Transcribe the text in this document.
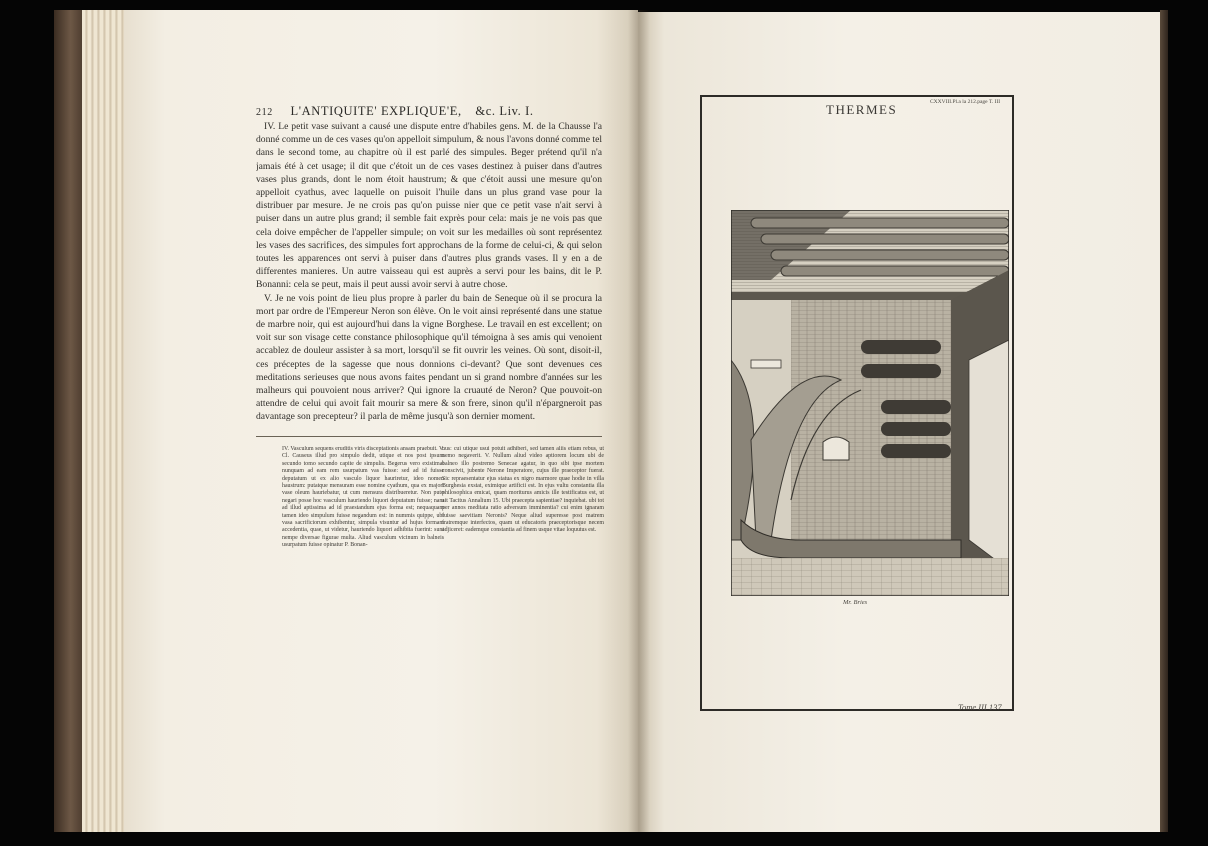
212 L'ANTIQUITE' EXPLIQUE'E, &c. Liv. I.

IV. Le petit vase suivant a causé une dispute entre d'habiles gens. M. de la Chausse l'a donné comme un de ces vases qu'on appelloit simpulum, & nous l'avons donné comme tel dans le second tome, au chapitre où il est parlé des simpules. Beger prétend qu'il n'a jamais été à cet usage; il dit que c'étoit un de ces vases destinez à puiser dans d'autres vases plus grands, dont le nom étoit haustrum; & que c'étoit aussi une mesure qu'on appelloit cyathus, avec laquelle on puisoit l'huile dans un plus grand vase pour la distribuer par mesure. Je ne crois pas qu'on puisse nier que ce petit vase n'ait servi à puiser dans un autre plus grand; il semble fait exprès pour cela: mais je ne vois pas que cela doive empêcher de l'appeller simpule; on voit sur les medailles où sont représentez les vases des sacrifices, des simpules fort approchans de la forme de celui-ci, & qui selon toutes les apparences ont servi à puiser dans d'autres plus grands vases. Il y en a de differentes manieres. Un autre vaisseau qui est auprès a servi pour les bains, dit le P. Bonanni: cela se peut, mais il peut aussi avoir servi à autre chose.

V. Je ne vois point de lieu plus propre à parler du bain de Seneque où il se procura la mort par ordre de l'Empereur Neron son élève. On le voit ainsi représenté dans une statue de marbre noir, qui est aujourd'hui dans la vigne Borghese. Le travail en est excellent; on voit sur son visage cette constance philosophique qu'il témoigna à ses amis qui venoient accablez de douleur assister à sa mort, lorsqu'il se fit ouvrir les veines. Où sont, disoit-il, ces préceptes de la sagesse que nous donnions ci-devant? Que sont devenues ces meditations serieuses que nous avons faites pendant un si grand nombre d'années sur les malheurs qui pouvoient nous arriver? Qui ignore la cruauté de Neron? Que pouvoit-on attendre de celui qui avoit fait mourir sa mere & son frere, sinon qu'il n'épargneroit pas davantage son precepteur? il parla de même jusqu'à son dernier moment.

IV. Vasculum sequens eruditis viris disceptationis ansam praebuit. V. Cl. Causeus illud pro simpulo dedit, utique et nos post ipsum secundo tomo secundo capite de simpulis. Begerus vero existimat nunquam ad eam rem usurpatum vas fuisse: sed ad id fuisse deputatum ut ex alio vasculo liquor hauriretur, ideo nomen haustrum: putatque mensuram esse nomine cyathum, qua ex majori vase oleum hauriebatur, ut cum mensura distribueretur. Non puto negari posse hoc vasculum hauriendo liquori deputatum fuisse; nam ad illud aptissima ad id praestandum ejus forma est; nequaquam tamen ideo simpulum fuisse negandum est: in nummis quippe, ubi vasa sacrificiorum exhibentur, simpula visuntur ad hujus formam accedentia, quae, ut videtur, hauriendo liquori adhibita fuerint: sunt nempe diversae figurae multa. Aliud vasculum vicinum in balneis usurpatum fuisse opinatur P. Bonan-

nus: cui utique usui potuit adhiberi, sed tamen aliis etiam rebus, ut nemo negaverit. V. Nullum aliud video aptiorem locum ubi de balneo illo postremo Senecae agatur, in quo sibi ipse mortem conscivit, jubente Nerone Imperatore, cujus ille praeceptor fuerat. Sic repraesentatur ejus statua ex nigro marmore quae hodie in villa Burghesia exstat, eximique artificii est. In ejus vultu constantia illa philosophica emicat, quam moriturus amicis ille testificatus est, ut ait Tacitus Annalium 15. Ubi praecepta sapientiae? inquiebat. ubi tot per annos meditata ratio adversum imminentia? cui enim ignaram fuisse saevitiam Neronis? Neque aliud superesse post matrem fratremque interfectos, quam ut educatoris praeceptorisque necem adjiceret: eademque constantia ad finem usque vitae loquutus est.

THERMES	CXXVIII.Pl.a la 212.page T. III
Mr. Bries
Tome III 137
